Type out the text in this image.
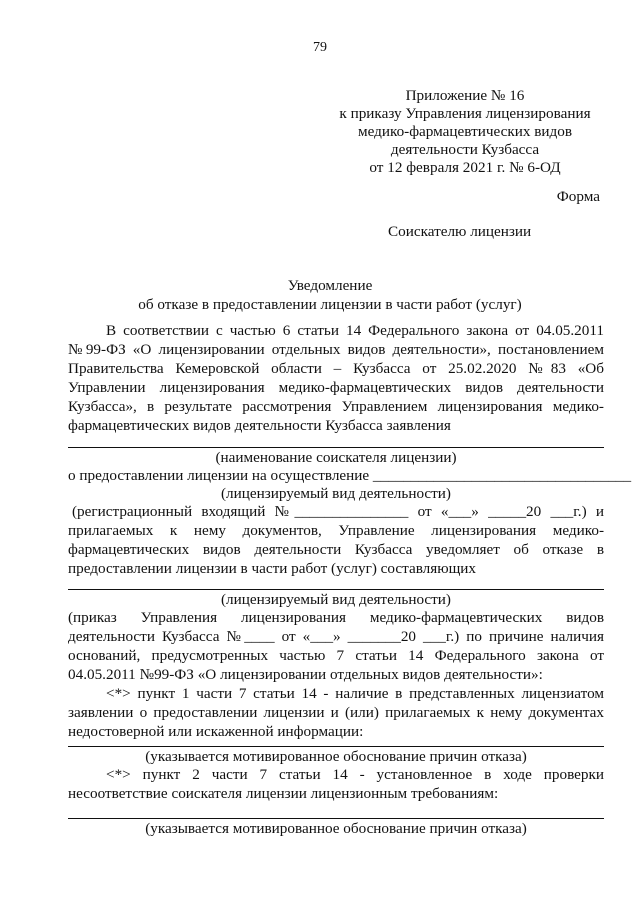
79
Приложение № 16
к приказу Управления лицензирования
медико-фармацевтических видов
деятельности Кузбасса
от 12 февраля 2021 г. № 6-ОД
Форма
Соискателю лицензии
Уведомление
об отказе в предоставлении лицензии в части работ (услуг)
В соответствии с частью 6 статьи 14 Федерального закона от 04.05.2011
№99-ФЗ «О лицензировании отдельных видов деятельности», постановлением
Правительства Кемеровской области – Кузбасса от 25.02.2020 №83 «Об
Управлении лицензирования медико-фармацевтических видов деятельности
Кузбасса», в результате рассмотрения Управлением лицензирования медико-
фармацевтических видов деятельности Кузбасса заявления
(наименование соискателя лицензии)
о предоставлении лицензии на осуществление __________________________________
(лицензируемый вид деятельности)
(регистрационный входящий №_______________ от «___» _____20 ___г.) и
прилагаемых к нему документов, Управление лицензирования медико-
фармацевтических видов деятельности Кузбасса уведомляет об отказе в
предоставлении лицензии в части работ (услуг) составляющих
(лицензируемый вид деятельности)
(приказ Управления лицензирования медико-фармацевтических видов
деятельности Кузбасса №____ от «___» _______20 ___г.) по причине наличия
оснований, предусмотренных частью 7 статьи 14 Федерального закона от
04.05.2011 №99-ФЗ «О лицензировании отдельных видов деятельности»:
<*> пункт 1 части 7 статьи 14 - наличие в представленных лицензиатом
заявлении о предоставлении лицензии и (или) прилагаемых к нему документах
недостоверной или искаженной информации:
(указывается мотивированное обоснование причин отказа)
<*> пункт 2 части 7 статьи 14 - установленное в ходе проверки
несоответствие соискателя лицензии лицензионным требованиям:
(указывается мотивированное обоснование причин отказа)
